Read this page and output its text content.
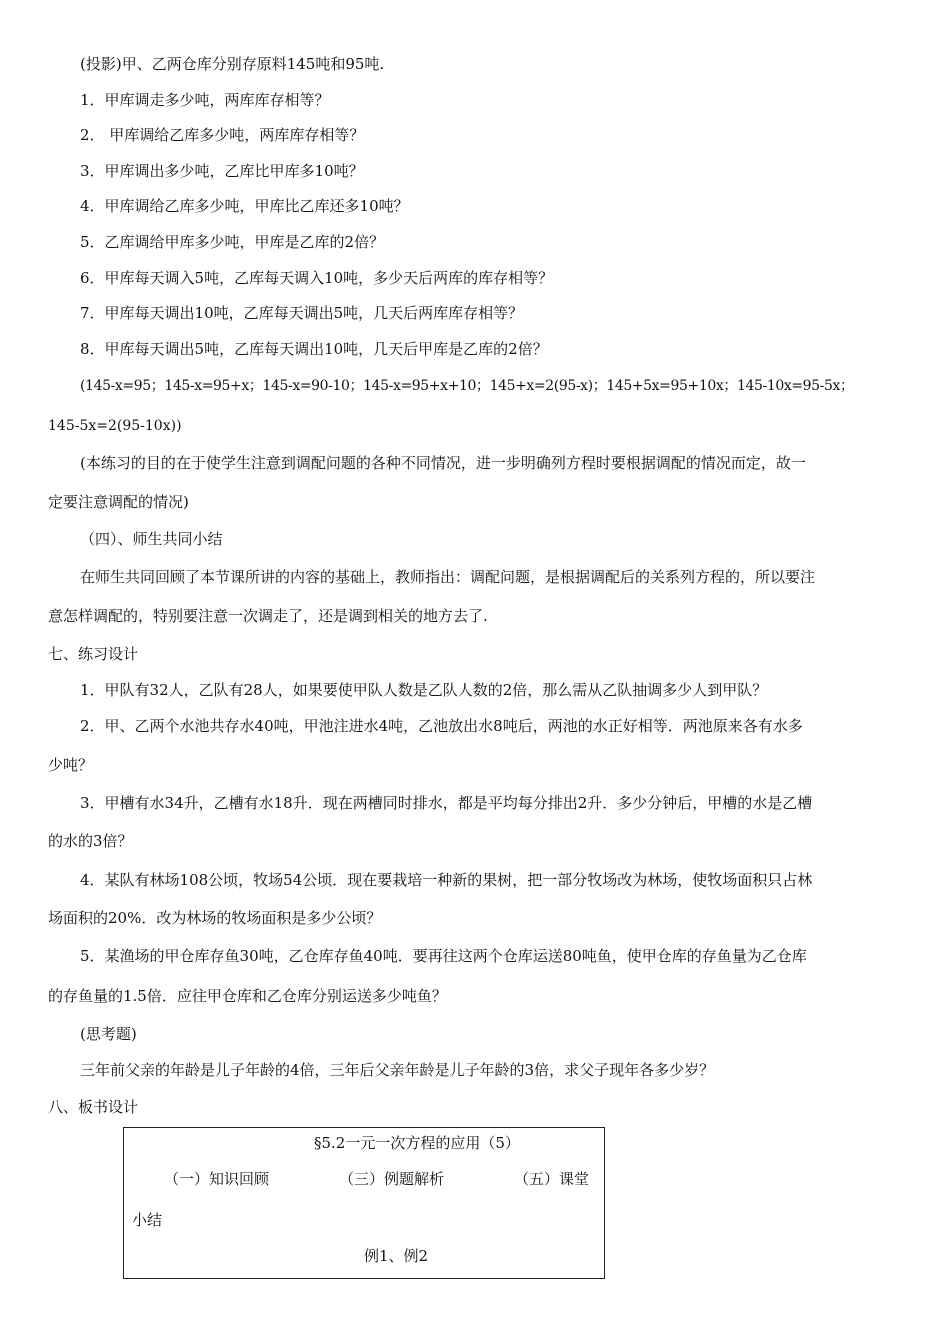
(投影)甲、乙两仓库分别存原料145吨和95吨.
1．甲库调走多少吨，两库库存相等？
2． 甲库调给乙库多少吨，两库库存相等？
3．甲库调出多少吨，乙库比甲库多10吨？
4．甲库调给乙库多少吨，甲库比乙库还多10吨？
5．乙库调给甲库多少吨，甲库是乙库的2倍？
6．甲库每天调入5吨，乙库每天调入10吨，多少天后两库的库存相等？
7．甲库每天调出10吨，乙库每天调出5吨，几天后两库库存相等？
8．甲库每天调出5吨，乙库每天调出10吨，几天后甲库是乙库的2倍？
(145-x=95；145-x=95+x；145-x=90-10；145-x=95+x+10；145+x=2(95-x)；145+5x=95+10x；145-10x=95-5x；
145-5x=2(95-10x))
(本练习的目的在于使学生注意到调配问题的各种不同情况，进一步明确列方程时要根据调配的情况而定，故一
定要注意调配的情况)
（四）、师生共同小结
在师生共同回顾了本节课所讲的内容的基础上，教师指出：调配问题，是根据调配后的关系列方程的，所以要注
意怎样调配的，特别要注意一次调走了，还是调到相关的地方去了.
七、练习设计
1．甲队有32人，乙队有28人，如果要使甲队人数是乙队人数的2倍，那么需从乙队抽调多少人到甲队？
2．甲、乙两个水池共存水40吨，甲池注进水4吨，乙池放出水8吨后，两池的水正好相等．两池原来各有水多
少吨？
3．甲槽有水34升，乙槽有水18升．现在两槽同时排水，都是平均每分排出2升．多少分钟后，甲槽的水是乙槽
的水的3倍？
4．某队有林场108公顷，牧场54公顷．现在要栽培一种新的果树，把一部分牧场改为林场，使牧场面积只占林
场面积的20%．改为林场的牧场面积是多少公顷？
5．某渔场的甲仓库存鱼30吨，乙仓库存鱼40吨．要再往这两个仓库运送80吨鱼，使甲仓库的存鱼量为乙仓库
的存鱼量的1.5倍．应往甲仓库和乙仓库分别运送多少吨鱼？
(思考题)
三年前父亲的年龄是儿子年龄的4倍，三年后父亲年龄是儿子年龄的3倍，求父子现年各多少岁？
八、板书设计
§5.2一元一次方程的应用（5）
（一）知识回顾	（三）例题解析	（五）课堂
小结
例1、例2
